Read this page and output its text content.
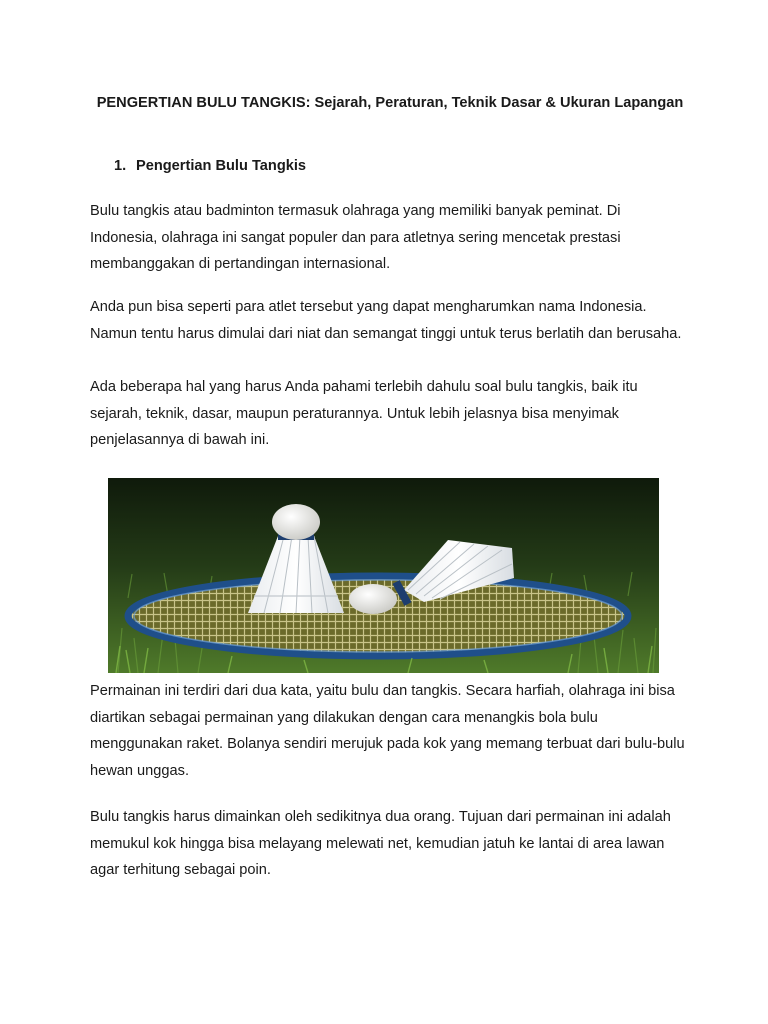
PENGERTIAN BULU TANGKIS: Sejarah, Peraturan, Teknik Dasar & Ukuran Lapangan
1. Pengertian Bulu Tangkis

Bulu tangkis atau badminton termasuk olahraga yang memiliki banyak peminat. Di Indonesia, olahraga ini sangat populer dan para atletnya sering mencetak prestasi membanggakan di pertandingan internasional.

Anda pun bisa seperti para atlet tersebut yang dapat mengharumkan nama Indonesia. Namun tentu harus dimulai dari niat dan semangat tinggi untuk terus berlatih dan berusaha.

Ada beberapa hal yang harus Anda pahami terlebih dahulu soal bulu tangkis, baik itu sejarah, teknik, dasar, maupun peraturannya. Untuk lebih jelasnya bisa menyimak penjelasannya di bawah ini.

Permainan ini terdiri dari dua kata, yaitu bulu dan tangkis. Secara harfiah, olahraga ini bisa diartikan sebagai permainan yang dilakukan dengan cara menangkis bola bulu menggunakan raket. Bolanya sendiri merujuk pada kok yang memang terbuat dari bulu-bulu hewan unggas.

Bulu tangkis harus dimainkan oleh sedikitnya dua orang. Tujuan dari permainan ini adalah memukul kok hingga bisa melayang melewati net, kemudian jatuh ke lantai di area lawan agar terhitung sebagai poin.
